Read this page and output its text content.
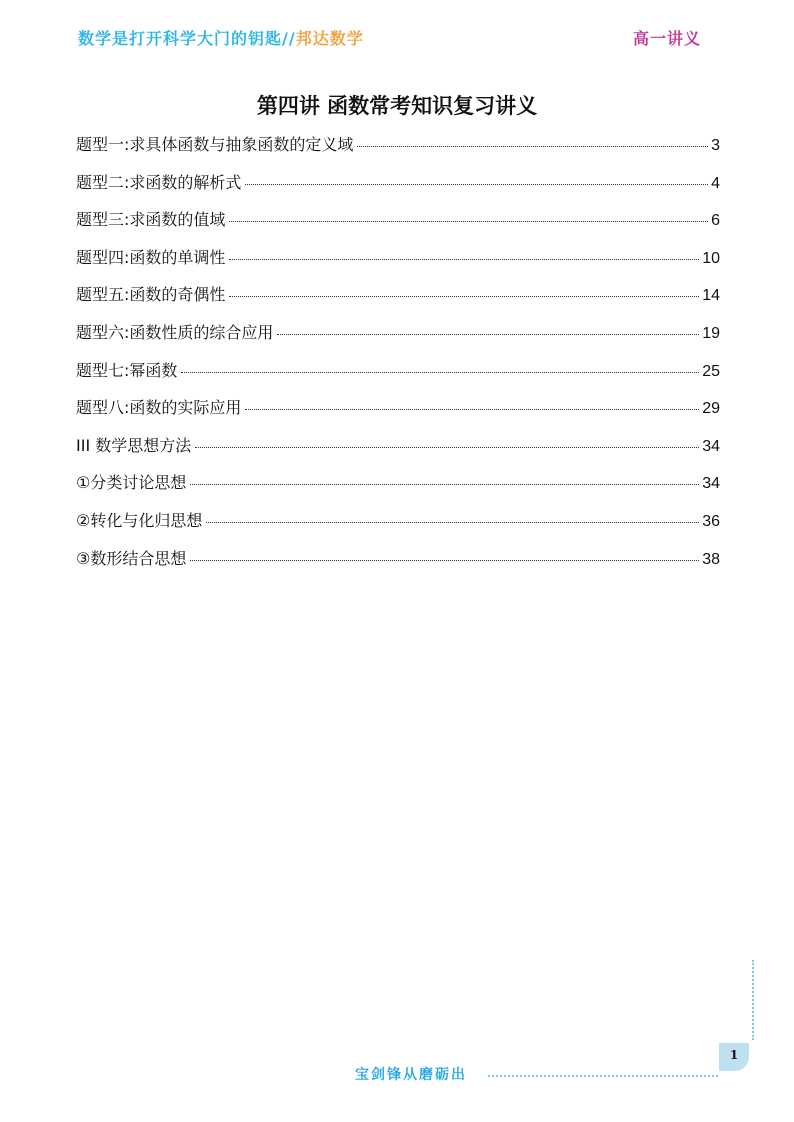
数学是打开科学大门的钥匙//邦达数学	高一讲义
第四讲 函数常考知识复习讲义
题型一:求具体函数与抽象函数的定义域	3
题型二:求函数的解析式	4
题型三:求函数的值域	6
题型四:函数的单调性	10
题型五:函数的奇偶性	14
题型六:函数性质的综合应用	19
题型七:幂函数	25
题型八:函数的实际应用	29
III 数学思想方法	34
①分类讨论思想	34
②转化与化归思想	36
③数形结合思想	38
宝剑锋从磨砺出
1
